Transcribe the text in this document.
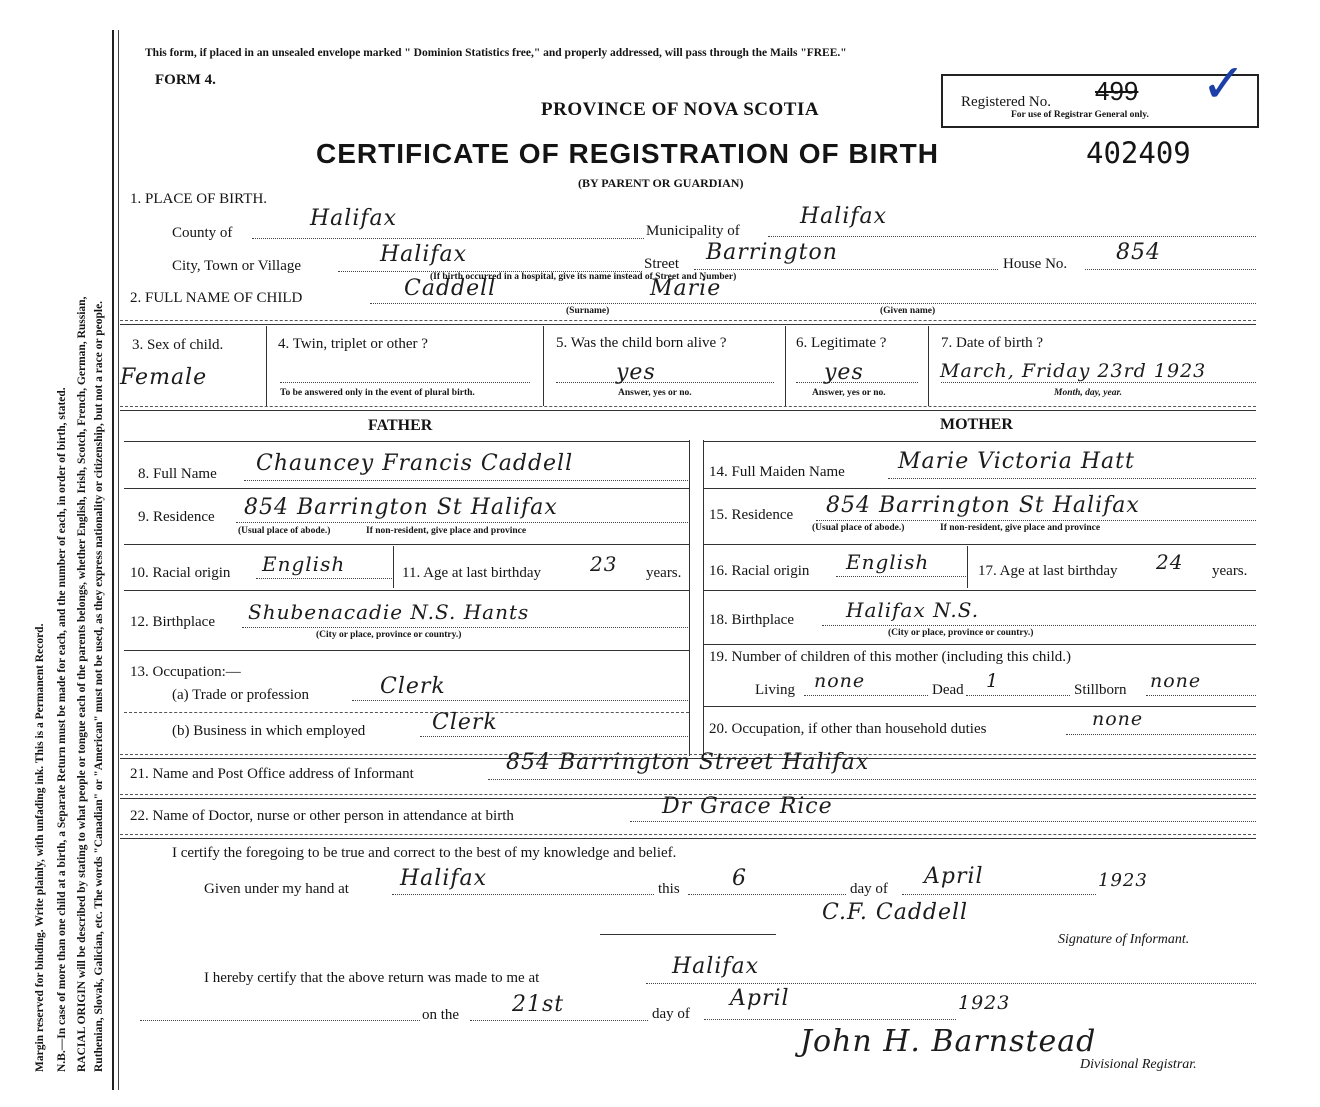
Margin reserved for binding. Write plainly, with unfading ink. This is a Permanent Record. N.B.—In case of more than one child at a birth, a Separate Return must be made for each, and the number of each, in order of birth, stated. RACIAL ORIGIN will be described by stating to what people or tongue each of the parents belongs, whether English, Irish, Scotch, French, German, Russian, Ruthenian, Slovak, Galician, etc. The words "Canadian" or "American" must not be used, as they express nationality or citizenship, but not a race or people.
This form, if placed in an unsealed envelope marked " Dominion Statistics free," and properly addressed, will pass through the Mails "FREE."
FORM 4.
PROVINCE OF NOVA SCOTIA	Registered No. 499
For use of Registrar General only. ✓
CERTIFICATE OF REGISTRATION OF BIRTH	402409
(BY PARENT OR GUARDIAN)
1. PLACE OF BIRTH.
County of
Halifax	Municipality of
Halifax
City, Town or Village	Halifax	Street Barrington	House No. 854
(If birth occurred in a hospital, give its name instead of Street and Number)
2. FULL NAME OF CHILD	Caddell	Marie
(Surname)	(Given name)
3. Sex of child.
Female
4. Twin, triplet or other ?
To be answered only in the event of plural birth.
5. Was the child born alive ?
yes
Answer, yes or no.
6. Legitimate ?
yes
Answer, yes or no.
7. Date of birth ?
March, Friday 23rd 1923
Month, day, year.
FATHER	MOTHER
8. Full Name Chauncey Francis Caddell
9. Residence 854 Barrington St Halifax
(Usual place of abode.)	If non-resident, give place and province
10. Racial origin English	11. Age at last birthday 23 years.
12. Birthplace Shubenacadie N.S. Hants
(City or place, province or country.)
13. Occupation:—
(a) Trade or profession	Clerk
(b) Business in which employed	Clerk
14. Full Maiden Name Marie Victoria Hatt
15. Residence 854 Barrington St Halifax
(Usual place of abode.)	If non-resident, give place and province
16. Racial origin English	17. Age at last birthday 24 years.
18. Birthplace	Halifax N.S.
(City or place, province or country.)
19. Number of children of this mother (including this child.)
Living none	Dead 1	Stillborn none
20. Occupation, if other than household duties	none
21. Name and Post Office address of Informant	854 Barrington Street Halifax
22. Name of Doctor, nurse or other person in attendance at birth	Dr Grace Rice
I certify the foregoing to be true and correct to the best of my knowledge and belief.
Given under my hand at Halifax	this 6	day of April	1923
C.F. Caddell
Signature of Informant.
I hereby certify that the above return was made to me at	Halifax
on the 21st	day of
April	1923
John H. Barnstead
Divisional Registrar.
